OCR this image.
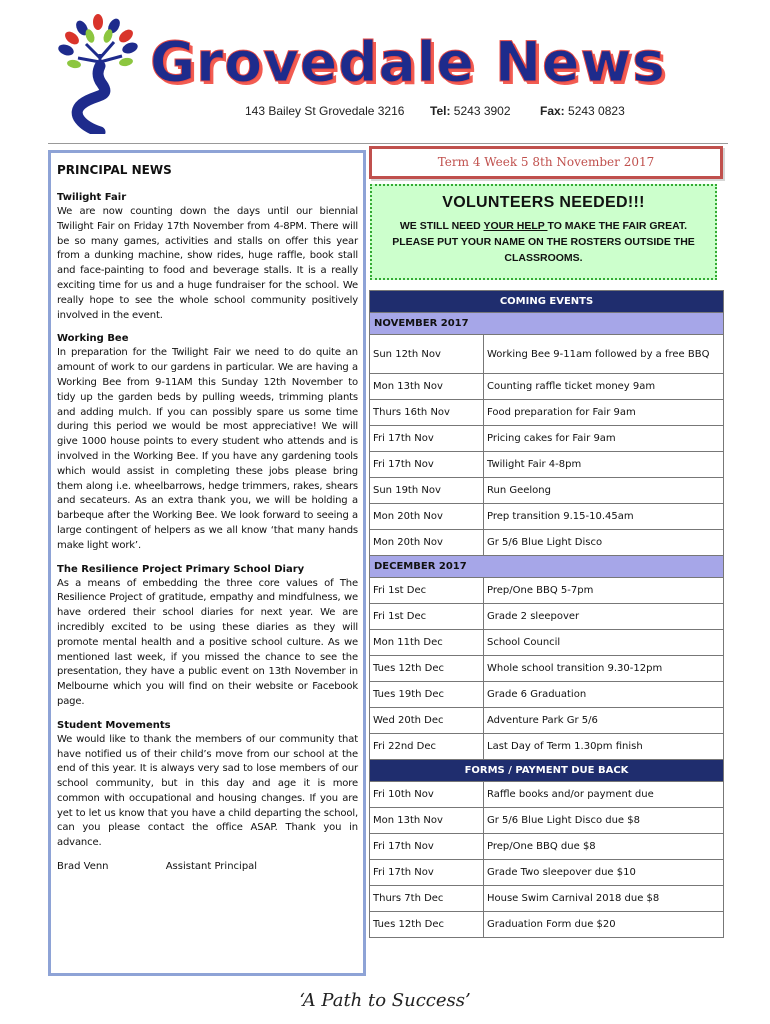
Grovedale News
143 Bailey St Grovedale 3216 Tel: 5243 3902 Fax: 5243 0823
PRINCIPAL NEWS
Twilight Fair

We are now counting down the days until our biennial Twilight Fair on Friday 17th November from 4-8PM. There will be so many games, activities and stalls on offer this year from a dunking machine, show rides, huge raffle, book stall and face-painting to food and beverage stalls. It is a really exciting time for us and a huge fundraiser for the school. We really hope to see the whole school community positively involved in the event.

Working Bee

In preparation for the Twilight Fair we need to do quite an amount of work to our gardens in particular. We are having a Working Bee from 9-11AM this Sunday 12th November to tidy up the garden beds by pulling weeds, trimming plants and adding mulch. If you can possibly spare us some time during this period we would be most appreciative! We will give 1000 house points to every student who attends and is involved in the Working Bee. If you have any gardening tools which would assist in completing these jobs please bring them along i.e. wheelbarrows, hedge trimmers, rakes, shears and secateurs. As an extra thank you, we will be holding a barbeque after the Working Bee. We look forward to seeing a large contingent of helpers as we all know ‘that many hands make light work’.

The Resilience Project Primary School Diary

As a means of embedding the three core values of The Resilience Project of gratitude, empathy and mindfulness, we have ordered their school diaries for next year. We are incredibly excited to be using these diaries as they will promote mental health and a positive school culture. As we mentioned last week, if you missed the chance to see the presentation, they have a public event on 13th November in Melbourne which you will find on their website or Facebook page.

Student Movements

We would like to thank the members of our community that have notified us of their child’s move from our school at the end of this year. It is always very sad to lose members of our school community, but in this day and age it is more common with occupational and housing changes. If you are yet to let us know that you have a child departing the school, can you please contact the office ASAP. Thank you in advance.

Brad Venn	Assistant Principal
Term 4 Week 5 8th November 2017
VOLUNTEERS NEEDED!!!
WE STILL NEED YOUR HELP TO MAKE THE FAIR GREAT. PLEASE PUT YOUR NAME ON THE ROSTERS OUTSIDE THE CLASSROOMS.
COMING EVENTS	
NOVEMBER 2017	
Sun 12th Nov	Working Bee 9-11am followed by a free BBQ
Mon 13th Nov	Counting raffle ticket money 9am
Thurs 16th Nov	Food preparation for Fair 9am
Fri 17th Nov	Pricing cakes for Fair 9am
Fri 17th Nov	Twilight Fair 4-8pm
Sun 19th Nov	Run Geelong
Mon 20th Nov	Prep transition 9.15-10.45am
Mon 20th Nov	Gr 5/6 Blue Light Disco
DECEMBER 2017	
Fri 1st Dec	Prep/One BBQ 5-7pm
Fri 1st Dec	Grade 2 sleepover
Mon 11th Dec	School Council
Tues 12th Dec	Whole school transition 9.30-12pm
Tues 19th Dec	Grade 6 Graduation
Wed 20th Dec	Adventure Park Gr 5/6
Fri 22nd Dec	Last Day of Term 1.30pm finish
FORMS / PAYMENT DUE BACK	
Fri 10th Nov	Raffle books and/or payment due
Mon 13th Nov	Gr 5/6 Blue Light Disco due $8
Fri 17th Nov	Prep/One BBQ due $8
Fri 17th Nov	Grade Two sleepover due $10
Thurs 7th Dec	House Swim Carnival 2018 due $8
Tues 12th Dec	Graduation Form due $20
‘A Path to Success’
